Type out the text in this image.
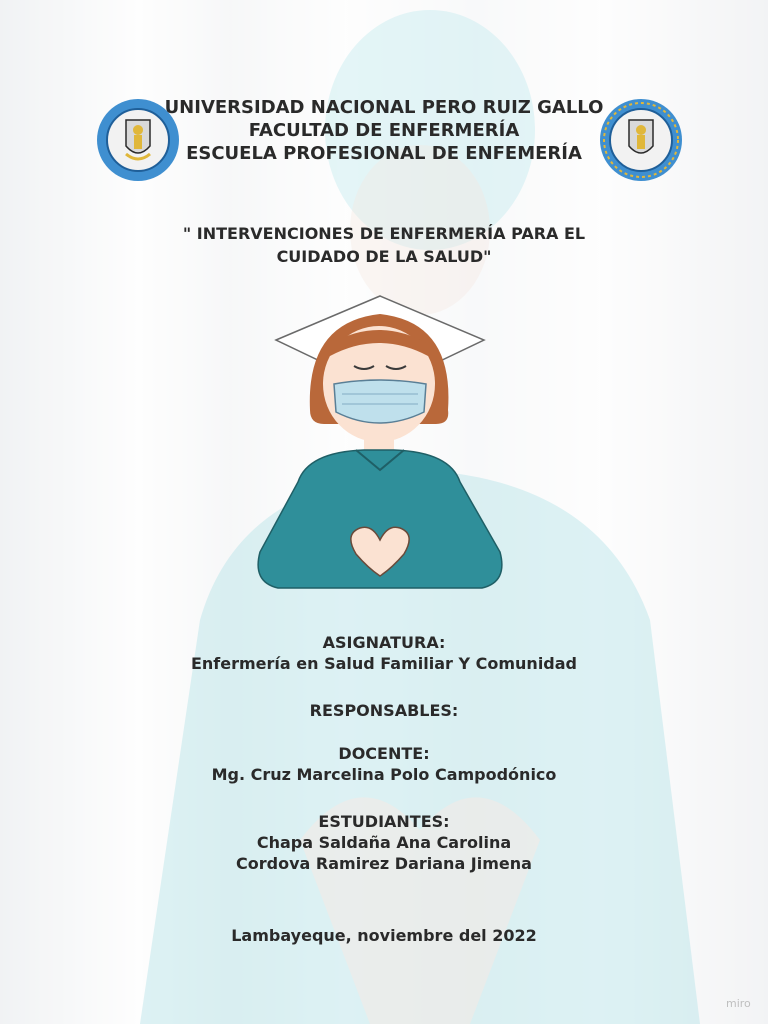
UNIVERSIDAD NACIONAL PERO RUIZ GALLO
FACULTAD DE ENFERMERÍA
ESCUELA PROFESIONAL DE ENFEMERÍA
" INTERVENCIONES DE ENFERMERÍA PARA EL
CUIDADO DE LA SALUD"
ASIGNATURA:
Enfermería en Salud Familiar Y Comunidad
RESPONSABLES:
DOCENTE:
Mg. Cruz Marcelina Polo Campodónico
ESTUDIANTES:
Chapa Saldaña Ana Carolina
Cordova Ramirez Dariana Jimena
Lambayeque, noviembre del 2022
miro
